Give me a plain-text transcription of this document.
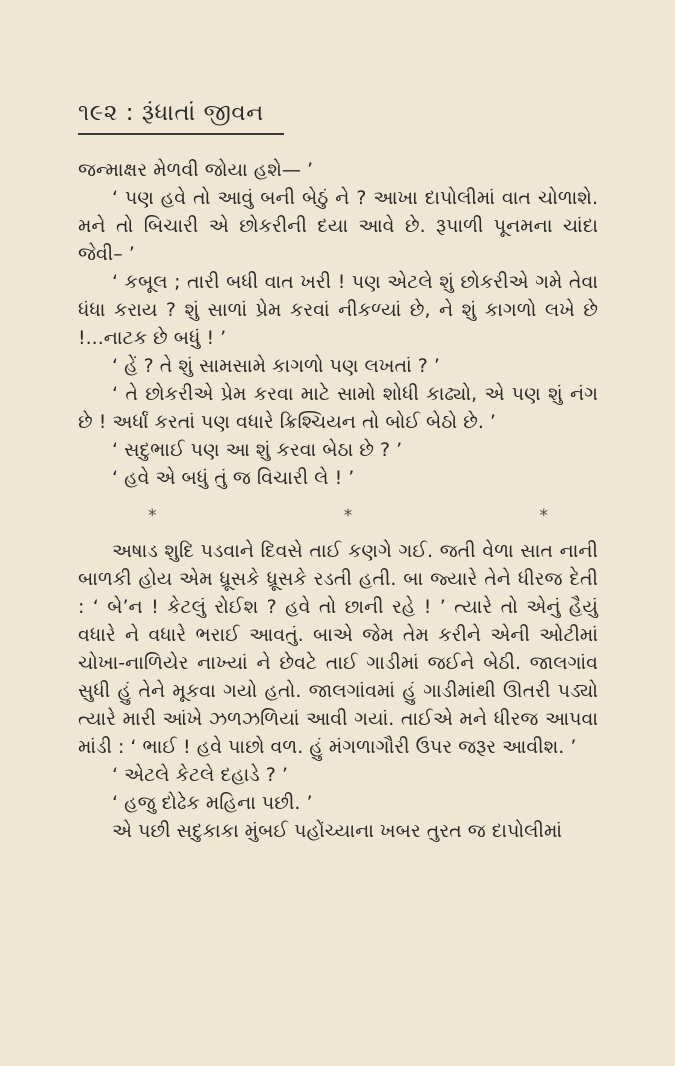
૧૯૨ : રૂંધાતાં જીવન

જન્માક્ષર મેળવી જોયા હશે— ’

‘ પણ હવે તો આવું બની બેઠું ને ? આખા દાપોલીમાં વાત ચોળાશે. મને તો બિચારી એ છોકરીની દયા આવે છે. રૂપાળી પૂનમના ચાંદા જેવી– ’

‘ કબૂલ ; તારી બધી વાત ખરી ! પણ એટલે શું છોકરીએ ગમે તેવા ધંધા કરાય ? શું સાળાં પ્રેમ કરવાં નીકળ્યાં છે, ને શું કાગળો લખે છે !...નાટક છે બધું ! ’

‘ હેં ? તે શું સામસામે કાગળો પણ લખતાં ? ’

‘ તે છોકરીએ પ્રેમ કરવા માટે સામો શોધી કાઢ્યો, એ પણ શું નંગ છે ! અર્ધાં કરતાં પણ વધારે ક્રિશ્ચિયન તો બોઈ બેઠો છે. ’

‘ સદુભાઈ પણ આ શું કરવા બેઠા છે ? ’

‘ હવે એ બધું તું જ વિચારી લે ! ’

*	*	*

અષાડ શુદિ પડવાને દિવસે તાઈ કણગે ગઈ. જતી વેળા સાત નાની બાળકી હોય એમ ધ્રૂસકે ધ્રૂસકે રડતી હતી. બા જ્યારે તેને ધીરજ દેતી : ‘ બે’ન ! કેટલું રોઈશ ? હવે તો છાની રહે ! ’ ત્યારે તો એનું હૈયું વધારે ને વધારે ભરાઈ આવતું. બાએ જેમ તેમ કરીને એની ઓટીમાં ચોખા-નાળિયેર નાખ્યાં ને છેવટે તાઈ ગાડીમાં જઈને બેઠી. જાલગાંવ સુધી હું તેને મૂકવા ગયો હતો. જાલગાંવમાં હું ગાડીમાંથી ઊતરી પડ્યો ત્યારે મારી આંખે ઝળઝળિયાં આવી ગયાં. તાઈએ મને ધીરજ આપવા માંડી : ‘ ભાઈ ! હવે પાછો વળ. હું મંગળાગૌરી ઉપર જરૂર આવીશ. ’

‘ એટલે કેટલે દહાડે ? ’

‘ હજુ દોઢેક મહિના પછી. ’

એ પછી સદુકાકા મુંબઈ પહોંચ્યાના ખબર તુરત જ દાપોલીમાં
